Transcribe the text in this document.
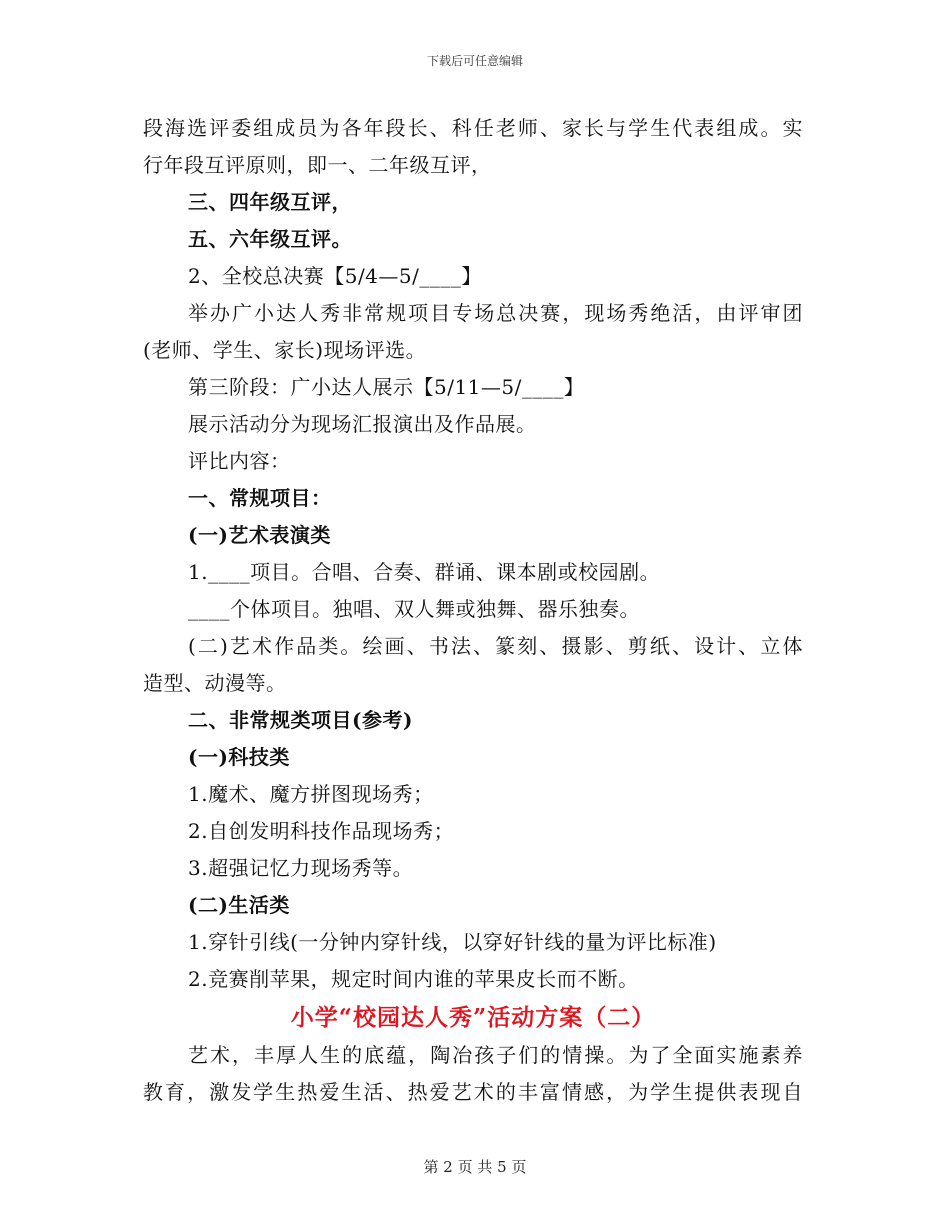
下载后可任意编辑
段海选评委组成员为各年段长、科任老师、家长与学生代表组成。实
行年段互评原则，即一、二年级互评，
三、四年级互评，
五、六年级互评。
2、全校总决赛【5/4—5/____】
举办广小达人秀非常规项目专场总决赛，现场秀绝活，由评审团
(老师、学生、家长)现场评选。
第三阶段：广小达人展示【5/11—5/____】
展示活动分为现场汇报演出及作品展。
评比内容：
一、常规项目：
(一)艺术表演类
1.____项目。合唱、合奏、群诵、课本剧或校园剧。
____个体项目。独唱、双人舞或独舞、器乐独奏。
(二)艺术作品类。绘画、书法、篆刻、摄影、剪纸、设计、立体
造型、动漫等。
二、非常规类项目(参考)
(一)科技类
1.魔术、魔方拼图现场秀；
2.自创发明科技作品现场秀；
3.超强记忆力现场秀等。
(二)生活类
1.穿针引线(一分钟内穿针线，以穿好针线的量为评比标准)
2.竞赛削苹果，规定时间内谁的苹果皮长而不断。
小学“校园达人秀”活动方案（二）
艺术，丰厚人生的底蕴，陶冶孩子们的情操。为了全面实施素养
教育，激发学生热爱生活、热爱艺术的丰富情感，为学生提供表现自
第 2 页 共 5 页
